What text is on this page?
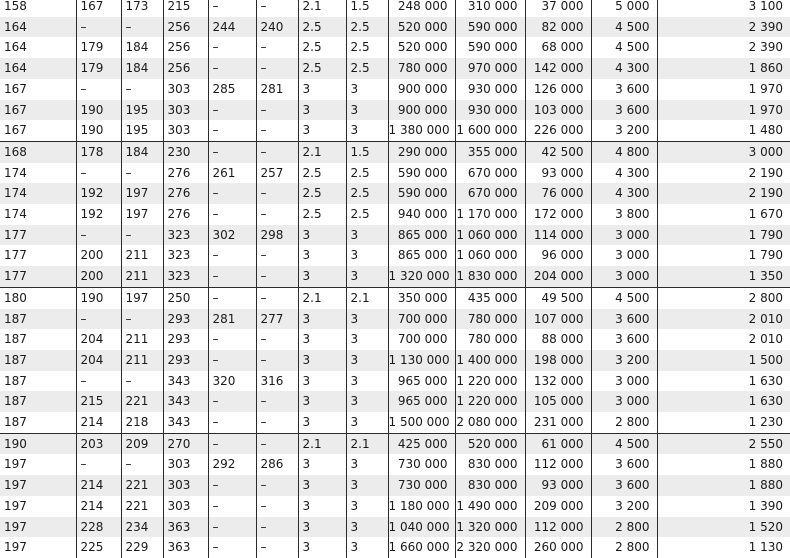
158	167	173	215	–	–	2.1	1.5	248 000	310 000	37 000	5 000	3 100
164	–	–	256	244	240	2.5	2.5	520 000	590 000	82 000	4 500	2 390
164	179	184	256	–	–	2.5	2.5	520 000	590 000	68 000	4 500	2 390
164	179	184	256	–	–	2.5	2.5	780 000	970 000	142 000	4 300	1 860
167	–	–	303	285	281	3	3	900 000	930 000	126 000	3 600	1 970
167	190	195	303	–	–	3	3	900 000	930 000	103 000	3 600	1 970
167	190	195	303	–	–	3	3	1 380 000	1 600 000	226 000	3 200	1 480
168	178	184	230	–	–	2.1	1.5	290 000	355 000	42 500	4 800	3 000
174	–	–	276	261	257	2.5	2.5	590 000	670 000	93 000	4 300	2 190
174	192	197	276	–	–	2.5	2.5	590 000	670 000	76 000	4 300	2 190
174	192	197	276	–	–	2.5	2.5	940 000	1 170 000	172 000	3 800	1 670
177	–	–	323	302	298	3	3	865 000	1 060 000	114 000	3 000	1 790
177	200	211	323	–	–	3	3	865 000	1 060 000	96 000	3 000	1 790
177	200	211	323	–	–	3	3	1 320 000	1 830 000	204 000	3 000	1 350
180	190	197	250	–	–	2.1	2.1	350 000	435 000	49 500	4 500	2 800
187	–	–	293	281	277	3	3	700 000	780 000	107 000	3 600	2 010
187	204	211	293	–	–	3	3	700 000	780 000	88 000	3 600	2 010
187	204	211	293	–	–	3	3	1 130 000	1 400 000	198 000	3 200	1 500
187	–	–	343	320	316	3	3	965 000	1 220 000	132 000	3 000	1 630
187	215	221	343	–	–	3	3	965 000	1 220 000	105 000	3 000	1 630
187	214	218	343	–	–	3	3	1 500 000	2 080 000	231 000	2 800	1 230
190	203	209	270	–	–	2.1	2.1	425 000	520 000	61 000	4 500	2 550
197	–	–	303	292	286	3	3	730 000	830 000	112 000	3 600	1 880
197	214	221	303	–	–	3	3	730 000	830 000	93 000	3 600	1 880
197	214	221	303	–	–	3	3	1 180 000	1 490 000	209 000	3 200	1 390
197	228	234	363	–	–	3	3	1 040 000	1 320 000	112 000	2 800	1 520
197	225	229	363	–	–	3	3	1 660 000	2 320 000	260 000	2 800	1 130
